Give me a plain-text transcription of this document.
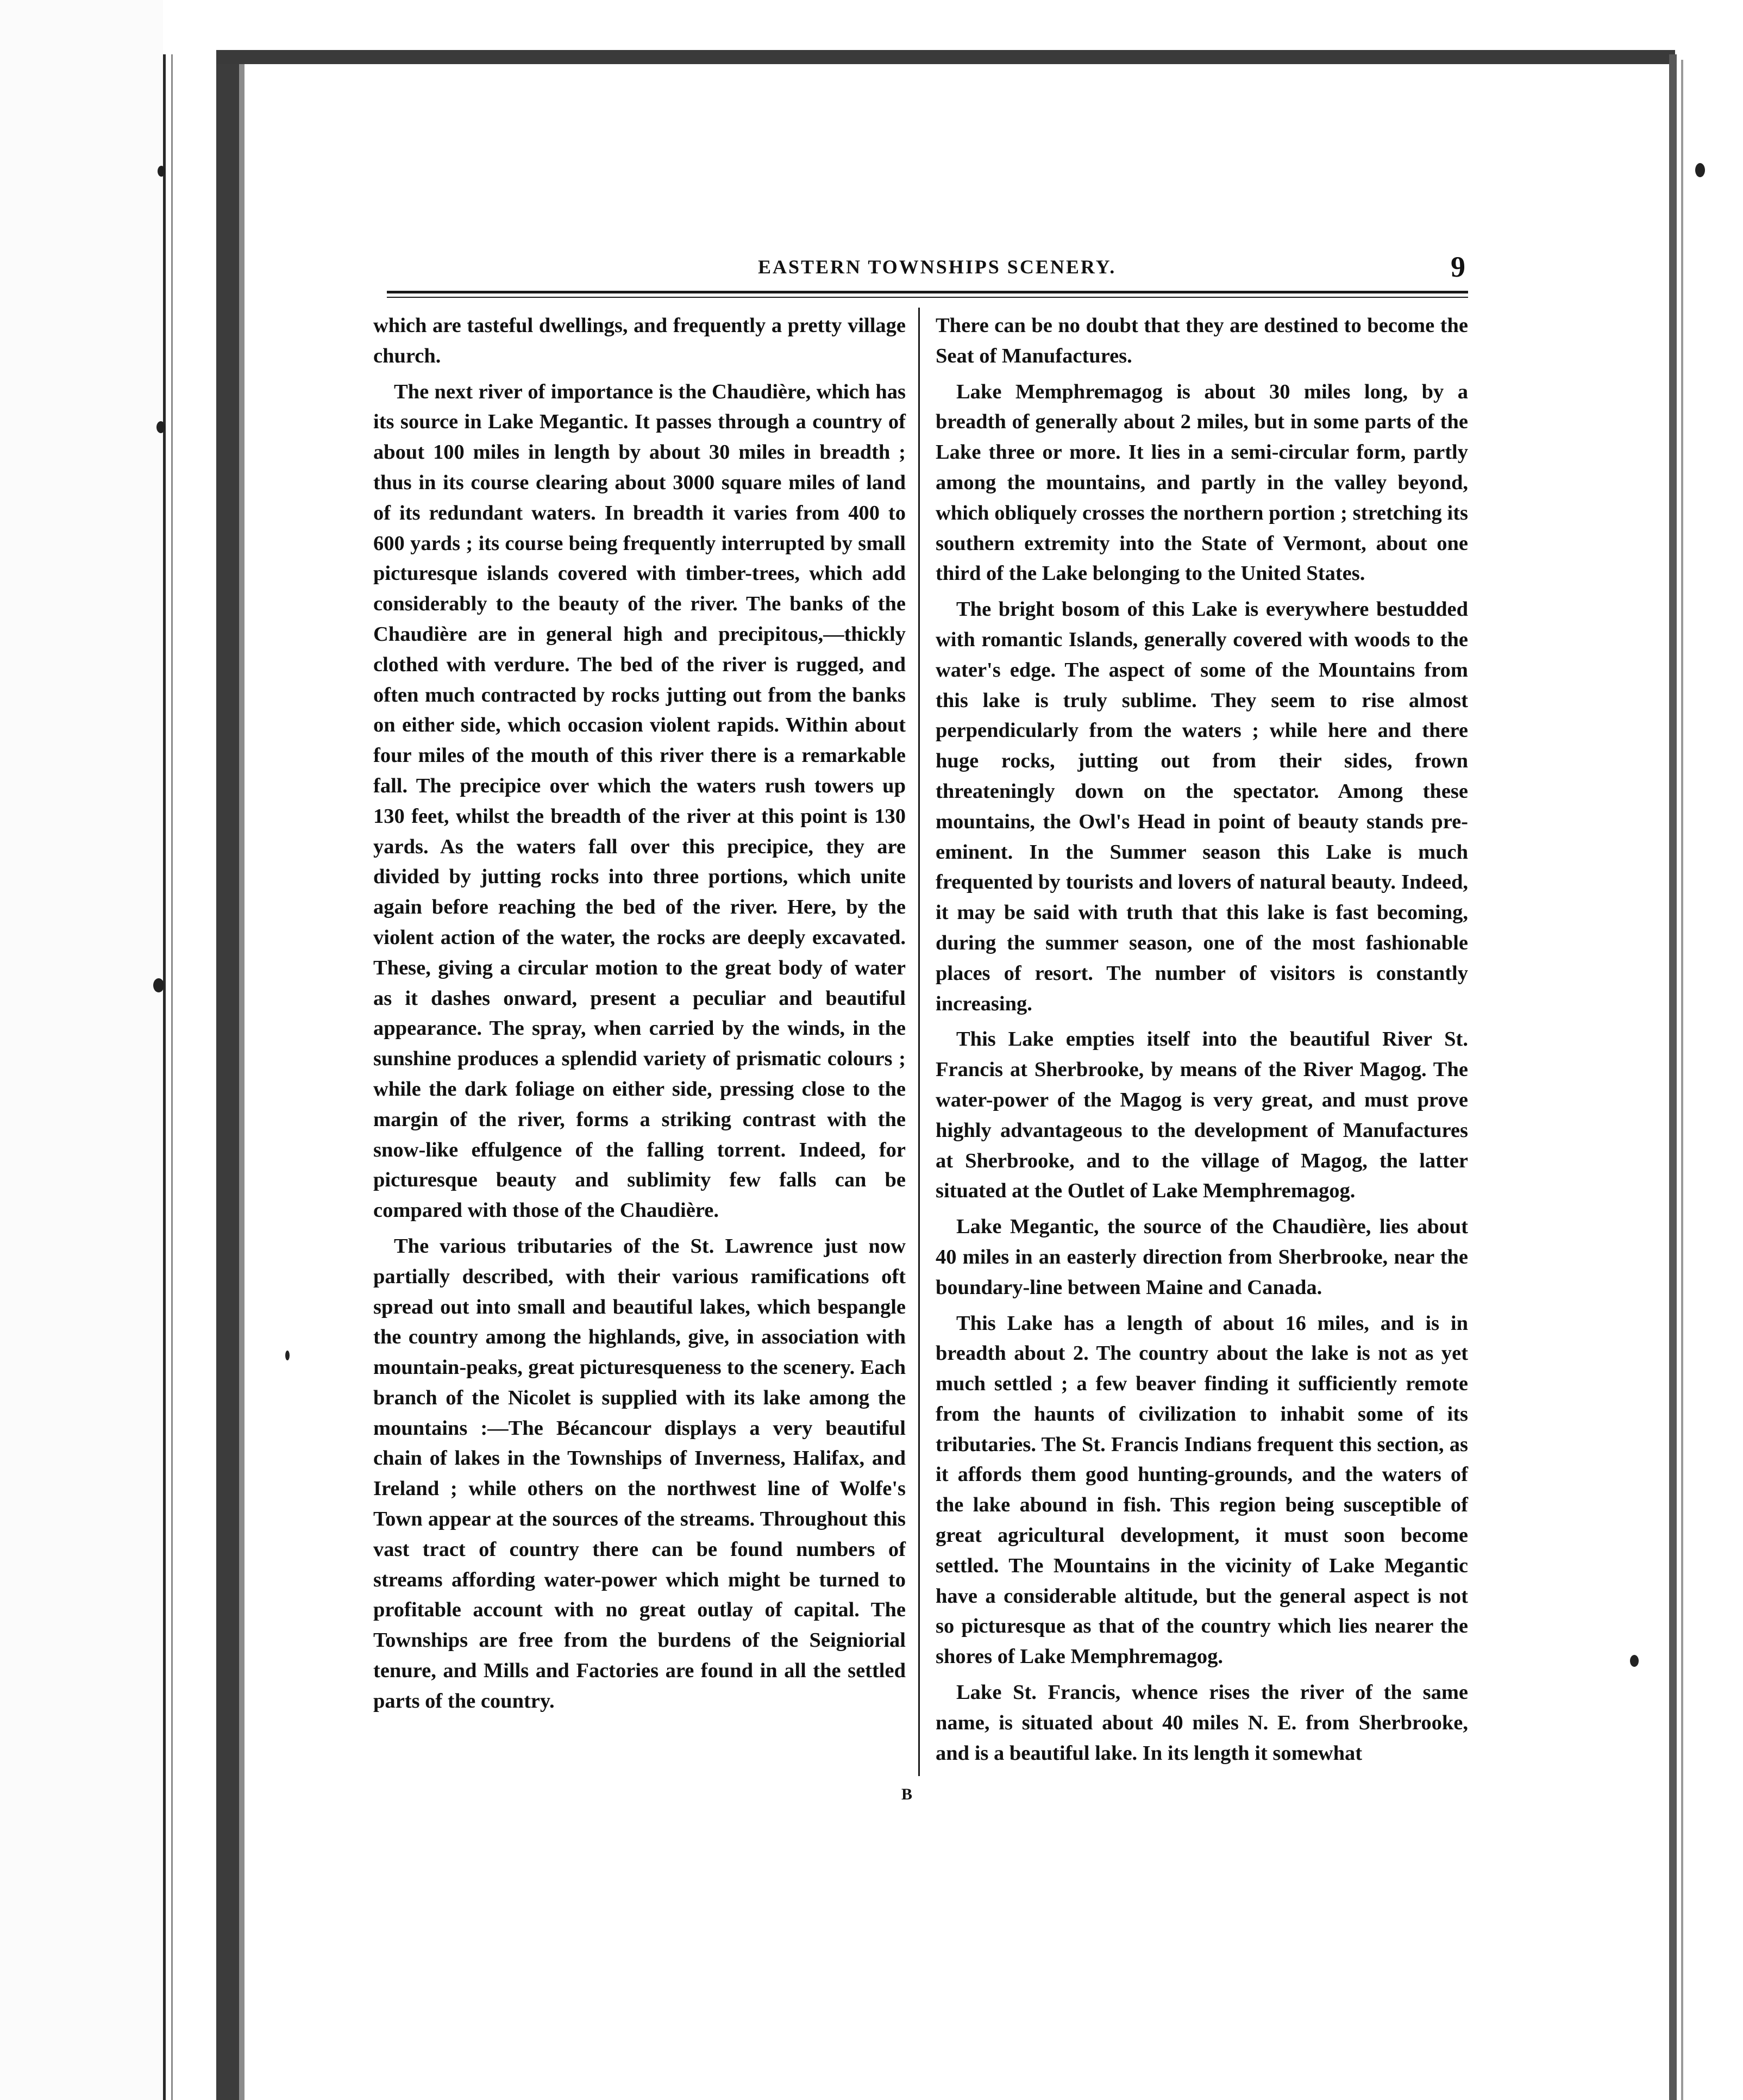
EASTERN TOWNSHIPS SCENERY.	9

which are tasteful dwellings, and frequently a pretty village church.

The next river of importance is the Chaudière, which has its source in Lake Megantic. It passes through a country of about 100 miles in length by about 30 miles in breadth ; thus in its course clearing about 3000 square miles of land of its redundant waters. In breadth it varies from 400 to 600 yards ; its course being frequently interrupted by small picturesque islands covered with timber-trees, which add considerably to the beauty of the river. The banks of the Chaudière are in general high and precipitous,—thickly clothed with verdure. The bed of the river is rugged, and often much contracted by rocks jutting out from the banks on either side, which occasion violent rapids. Within about four miles of the mouth of this river there is a remarkable fall. The precipice over which the waters rush towers up 130 feet, whilst the breadth of the river at this point is 130 yards. As the waters fall over this precipice, they are divided by jutting rocks into three portions, which unite again before reaching the bed of the river. Here, by the violent action of the water, the rocks are deeply excavated. These, giving a circular motion to the great body of water as it dashes onward, present a peculiar and beautiful appearance. The spray, when carried by the winds, in the sunshine produces a splendid variety of prismatic colours ; while the dark foliage on either side, pressing close to the margin of the river, forms a striking contrast with the snow-like effulgence of the falling torrent. Indeed, for picturesque beauty and sublimity few falls can be compared with those of the Chaudière.

The various tributaries of the St. Lawrence just now partially described, with their various ramifications oft spread out into small and beautiful lakes, which bespangle the country among the highlands, give, in association with mountain-peaks, great picturesqueness to the scenery. Each branch of the Nicolet is supplied with its lake among the mountains :—The Bécancour displays a very beautiful chain of lakes in the Townships of Inverness, Halifax, and Ireland ; while others on the northwest line of Wolfe's Town appear at the sources of the streams. Throughout this vast tract of country there can be found numbers of streams affording water-power which might be turned to profitable account with no great outlay of capital. The Townships are free from the burdens of the Seigniorial tenure, and Mills and Factories are found in all the settled parts of the country.

There can be no doubt that they are destined to become the Seat of Manufactures.

Lake Memphremagog is about 30 miles long, by a breadth of generally about 2 miles, but in some parts of the Lake three or more. It lies in a semi-circular form, partly among the mountains, and partly in the valley beyond, which obliquely crosses the northern portion ; stretching its southern extremity into the State of Vermont, about one third of the Lake belonging to the United States.

The bright bosom of this Lake is everywhere bestudded with romantic Islands, generally covered with woods to the water's edge. The aspect of some of the Mountains from this lake is truly sublime. They seem to rise almost perpendicularly from the waters ; while here and there huge rocks, jutting out from their sides, frown threateningly down on the spectator. Among these mountains, the Owl's Head in point of beauty stands pre-eminent. In the Summer season this Lake is much frequented by tourists and lovers of natural beauty. Indeed, it may be said with truth that this lake is fast becoming, during the summer season, one of the most fashionable places of resort. The number of visitors is constantly increasing.

This Lake empties itself into the beautiful River St. Francis at Sherbrooke, by means of the River Magog. The water-power of the Magog is very great, and must prove highly advantageous to the development of Manufactures at Sherbrooke, and to the village of Magog, the latter situated at the Outlet of Lake Memphremagog.

Lake Megantic, the source of the Chaudière, lies about 40 miles in an easterly direction from Sherbrooke, near the boundary-line between Maine and Canada.

This Lake has a length of about 16 miles, and is in breadth about 2. The country about the lake is not as yet much settled ; a few beaver finding it sufficiently remote from the haunts of civilization to inhabit some of its tributaries. The St. Francis Indians frequent this section, as it affords them good hunting-grounds, and the waters of the lake abound in fish. This region being susceptible of great agricultural development, it must soon become settled. The Mountains in the vicinity of Lake Megantic have a considerable altitude, but the general aspect is not so picturesque as that of the country which lies nearer the shores of Lake Memphremagog.

Lake St. Francis, whence rises the river of the same name, is situated about 40 miles N. E. from Sherbrooke, and is a beautiful lake. In its length it somewhat

B
